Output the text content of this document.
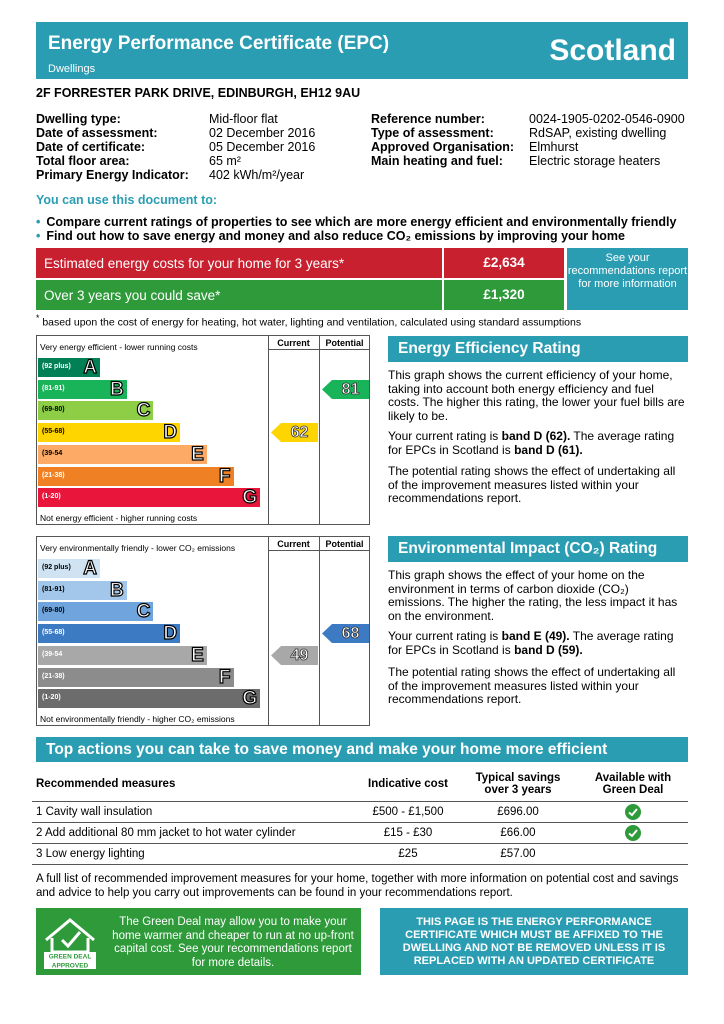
Energy Performance Certificate (EPC)
Dwellings
Scotland
2F FORRESTER PARK DRIVE, EDINBURGH, EH12 9AU
Dwelling type:	Mid-floor flat
Date of assessment:	02 December 2016
Date of certificate:	05 December 2016
Total floor area:	65 m²
Primary Energy Indicator: 402 kWh/m²/year
Reference number:	0024-1905-0202-0546-0900
Type of assessment:	RdSAP, existing dwelling
Approved Organisation: Elmhurst
Main heating and fuel: Electric storage heaters
You can use this document to:
• Compare current ratings of properties to see which are more energy efficient and environmentally friendly
• Find out how to save energy and money and also reduce CO₂ emissions by improving your home
Estimated energy costs for your home for 3 years*	£2,634
Over 3 years you could save*	£1,320
See your recommendations report for more information
* based upon the cost of energy for heating, hot water, lighting and ventilation, calculated using standard assumptions
Very energy efficient - lower running costs	Current	Potential
Not energy efficient - higher running costs
(92 plus) A
(81-91) B
(69-80)	C
(55-68)	D
(39-54	E
(21-38)	F
(1-20)	G
62
81
Energy Efficiency Rating
This graph shows the current efficiency of your home, taking into account both energy efficiency and fuel costs. The higher this rating, the lower your fuel bills are likely to be.
Your current rating is band D (62). The average rating for EPCs in Scotland is band D (61).
The potential rating shows the effect of undertaking all of the improvement measures listed within your recommendations report.
Very environmentally friendly - lower CO₂ emissions	Current	Potential
Not environmentally friendly - higher CO₂ emissions
(92 plus) A
(81-91) B
(69-80)	C
(55-68)	D
(39-54	E
(21-38)	F
(1-20)	G
49
68
Environmental Impact (CO₂) Rating
This graph shows the effect of your home on the environment in terms of carbon dioxide (CO₂) emissions. The higher the rating, the less impact it has on the environment.
Your current rating is band E (49). The average rating for EPCs in Scotland is band D (59).
The potential rating shows the effect of undertaking all of the improvement measures listed within your recommendations report.
Top actions you can take to save money and make your home more efficient
Recommended measures	Indicative cost	Typical savings over 3 years	Available with Green Deal
1 Cavity wall insulation	£500 - £1,500	£696.00	
2 Add additional 80 mm jacket to hot water cylinder	£15 - £30	£66.00	
3 Low energy lighting	£25	£57.00	
A full list of recommended improvement measures for your home, together with more information on potential cost and savings and advice to help you carry out improvements can be found in your recommendations report.
GREEN DEAL
APPROVED
The Green Deal may allow you to make your home warmer and cheaper to run at no up-front capital cost. See your recommendations report for more details.
THIS PAGE IS THE ENERGY PERFORMANCE CERTIFICATE WHICH MUST BE AFFIXED TO THE DWELLING AND NOT BE REMOVED UNLESS IT IS REPLACED WITH AN UPDATED CERTIFICATE
